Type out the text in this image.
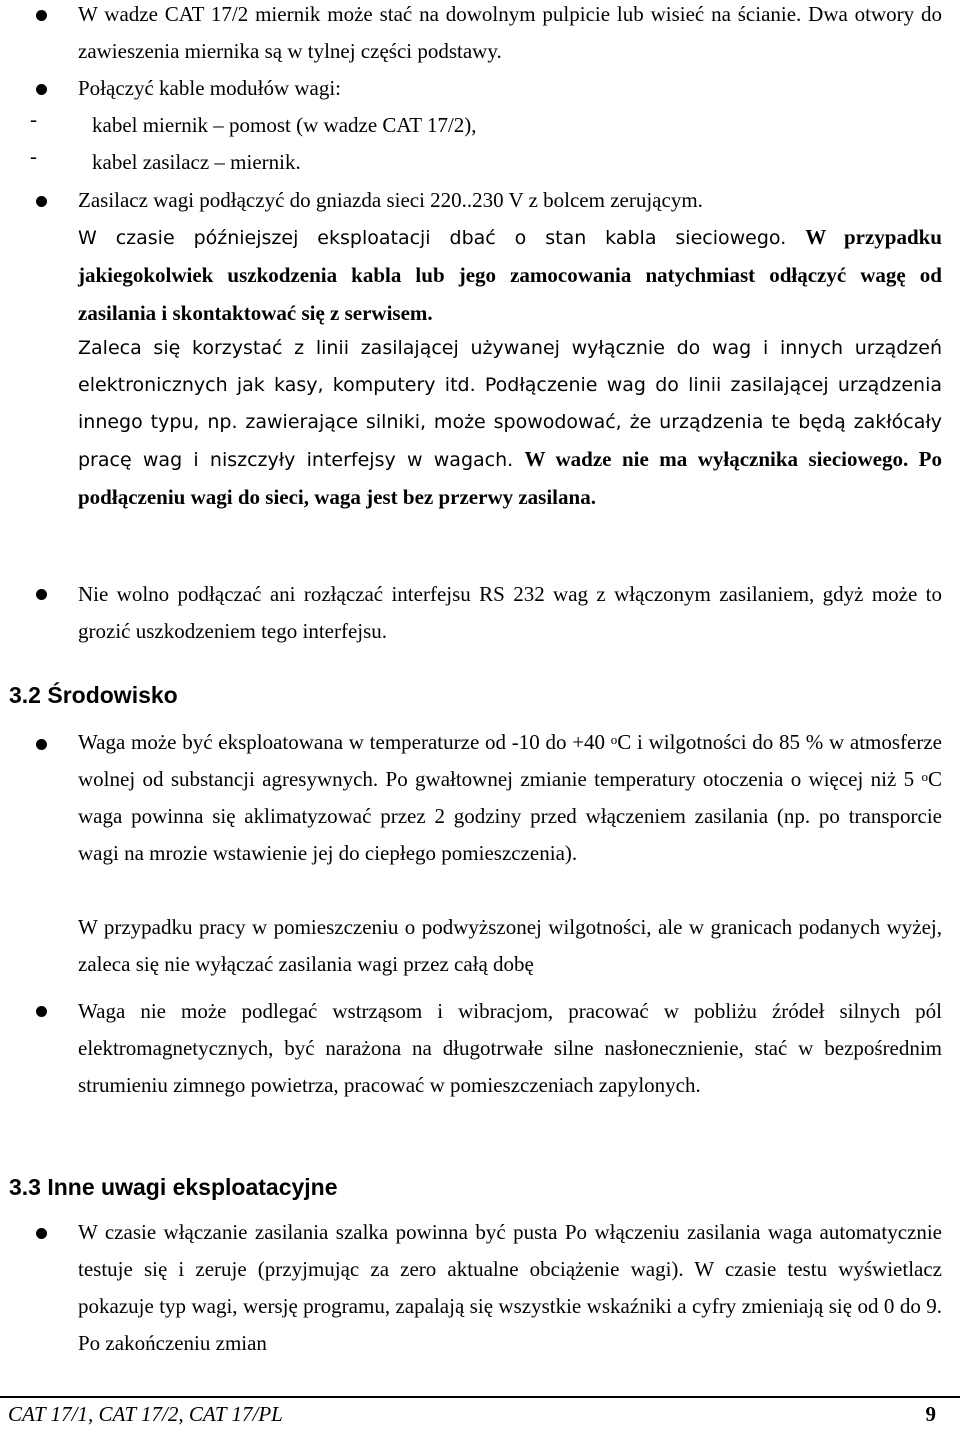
W wadze CAT 17/2 miernik może stać na dowolnym pulpicie lub wisieć na ścianie. Dwa otwory do zawieszenia miernika są w tylnej części podstawy.
Połączyć kable modułów wagi:
-	kabel miernik – pomost (w wadze CAT 17/2),
-	kabel zasilacz – miernik.
Zasilacz wagi podłączyć do gniazda sieci 220..230 V z bolcem zerującym.
W czasie późniejszej eksploatacji dbać o stan kabla sieciowego. W przypadku jakiegokolwiek uszkodzenia kabla lub jego zamocowania natychmiast odłączyć wagę od zasilania i skontaktować się z serwisem.
Zaleca się korzystać z linii zasilającej używanej wyłącznie do wag i innych urządzeń elektronicznych jak kasy, komputery itd. Podłączenie wag do linii zasilającej urządzenia innego typu, np. zawierające silniki, może spowodować, że urządzenia te będą zakłócały pracę wag i niszczyły interfejsy w wagach. W wadze nie ma wyłącznika sieciowego. Po podłączeniu wagi do sieci, waga jest bez przerwy zasilana.
Nie wolno podłączać ani rozłączać interfejsu RS 232 wag z włączonym zasilaniem, gdyż może to grozić uszkodzeniem tego interfejsu.
3.2 Środowisko
Waga może być eksploatowana w temperaturze od -10 do +40 $^o$C i wilgotności do 85 % w atmosferze wolnej od substancji agresywnych. Po gwałtownej zmianie temperatury otoczenia o więcej niż 5 $^o$C waga powinna się aklimatyzować przez 2 godziny przed włączeniem zasilania (np. po transporcie wagi na mrozie wstawienie jej do ciepłego pomieszczenia).
W przypadku pracy w pomieszczeniu o podwyższonej wilgotności, ale w granicach podanych wyżej, zaleca się nie wyłączać zasilania wagi przez całą dobę
Waga nie może podlegać wstrząsom i wibracjom, pracować w pobliżu źródeł silnych pól elektromagnetycznych, być narażona na długotrwałe silne nasłonecznienie, stać w bezpośrednim strumieniu zimnego powietrza, pracować w pomieszczeniach zapylonych.
3.3 Inne uwagi eksploatacyjne
W czasie włączanie zasilania szalka powinna być pusta Po włączeniu zasilania waga automatycznie testuje się i zeruje (przyjmując za zero aktualne obciążenie wagi). W czasie testu wyświetlacz pokazuje typ wagi, wersję programu, zapalają się wszystkie wskaźniki a cyfry zmieniają się od 0 do 9. Po zakończeniu zmian
CAT 17/1, CAT 17/2, CAT 17/PL	9
